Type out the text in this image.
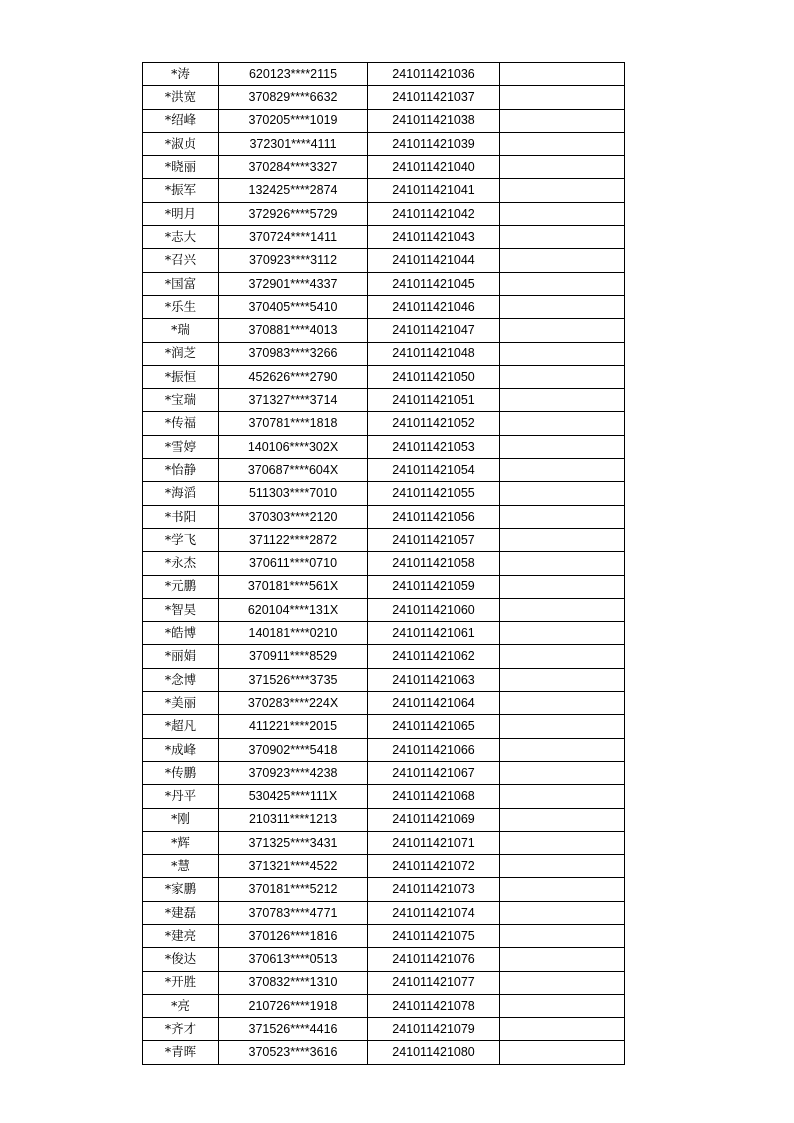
*涛	620123****2115	241011421036	
*洪宽	370829****6632	241011421037	
*绍峰	370205****1019	241011421038	
*淑贞	372301****4111	241011421039	
*晓丽	370284****3327	241011421040	
*振军	132425****2874	241011421041	
*明月	372926****5729	241011421042	
*志大	370724****1411	241011421043	
*召兴	370923****3112	241011421044	
*国富	372901****4337	241011421045	
*乐生	370405****5410	241011421046	
*瑞	370881****4013	241011421047	
*润芝	370983****3266	241011421048	
*振恒	452626****2790	241011421050	
*宝瑞	371327****3714	241011421051	
*传福	370781****1818	241011421052	
*雪婷	140106****302X	241011421053	
*怡静	370687****604X	241011421054	
*海滔	511303****7010	241011421055	
*书阳	370303****2120	241011421056	
*学飞	371122****2872	241011421057	
*永杰	370611****0710	241011421058	
*元鹏	370181****561X	241011421059	
*智昊	620104****131X	241011421060	
*皓博	140181****0210	241011421061	
*丽娟	370911****8529	241011421062	
*念博	371526****3735	241011421063	
*美丽	370283****224X	241011421064	
*超凡	411221****2015	241011421065	
*成峰	370902****5418	241011421066	
*传鹏	370923****4238	241011421067	
*丹平	530425****111X	241011421068	
*刚	210311****1213	241011421069	
*辉	371325****3431	241011421071	
*慧	371321****4522	241011421072	
*家鹏	370181****5212	241011421073	
*建磊	370783****4771	241011421074	
*建亮	370126****1816	241011421075	
*俊达	370613****0513	241011421076	
*开胜	370832****1310	241011421077	
*亮	210726****1918	241011421078	
*齐才	371526****4416	241011421079	
*青晖	370523****3616	241011421080	
